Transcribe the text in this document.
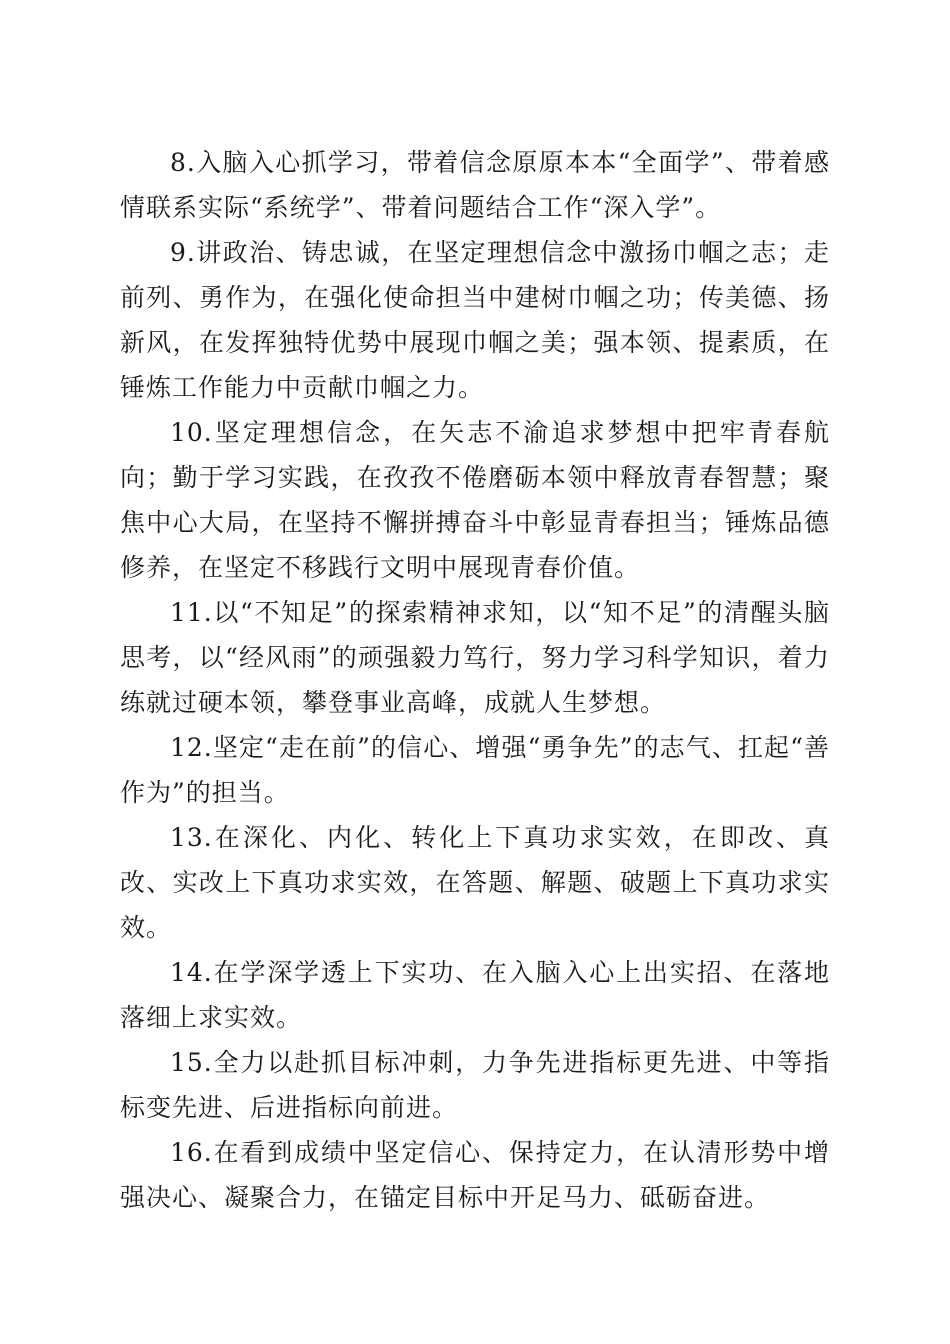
8.入脑入心抓学习，带着信念原原本本“全面学”、带着感情联系实际“系统学”、带着问题结合工作“深入学”。

9.讲政治、铸忠诚，在坚定理想信念中激扬巾帼之志；走前列、勇作为，在强化使命担当中建树巾帼之功；传美德、扬新风，在发挥独特优势中展现巾帼之美；强本领、提素质，在锤炼工作能力中贡献巾帼之力。

10.坚定理想信念，在矢志不渝追求梦想中把牢青春航向；勤于学习实践，在孜孜不倦磨砺本领中释放青春智慧；聚焦中心大局，在坚持不懈拼搏奋斗中彰显青春担当；锤炼品德修养，在坚定不移践行文明中展现青春价值。

11.以“不知足”的探索精神求知，以“知不足”的清醒头脑思考，以“经风雨”的顽强毅力笃行，努力学习科学知识，着力练就过硬本领，攀登事业高峰，成就人生梦想。

12.坚定“走在前”的信心、增强“勇争先”的志气、扛起“善作为”的担当。

13.在深化、内化、转化上下真功求实效，在即改、真改、实改上下真功求实效，在答题、解题、破题上下真功求实效。

14.在学深学透上下实功、在入脑入心上出实招、在落地落细上求实效。

15.全力以赴抓目标冲刺，力争先进指标更先进、中等指标变先进、后进指标向前进。

16.在看到成绩中坚定信心、保持定力，在认清形势中增强决心、凝聚合力，在锚定目标中开足马力、砥砺奋进。
